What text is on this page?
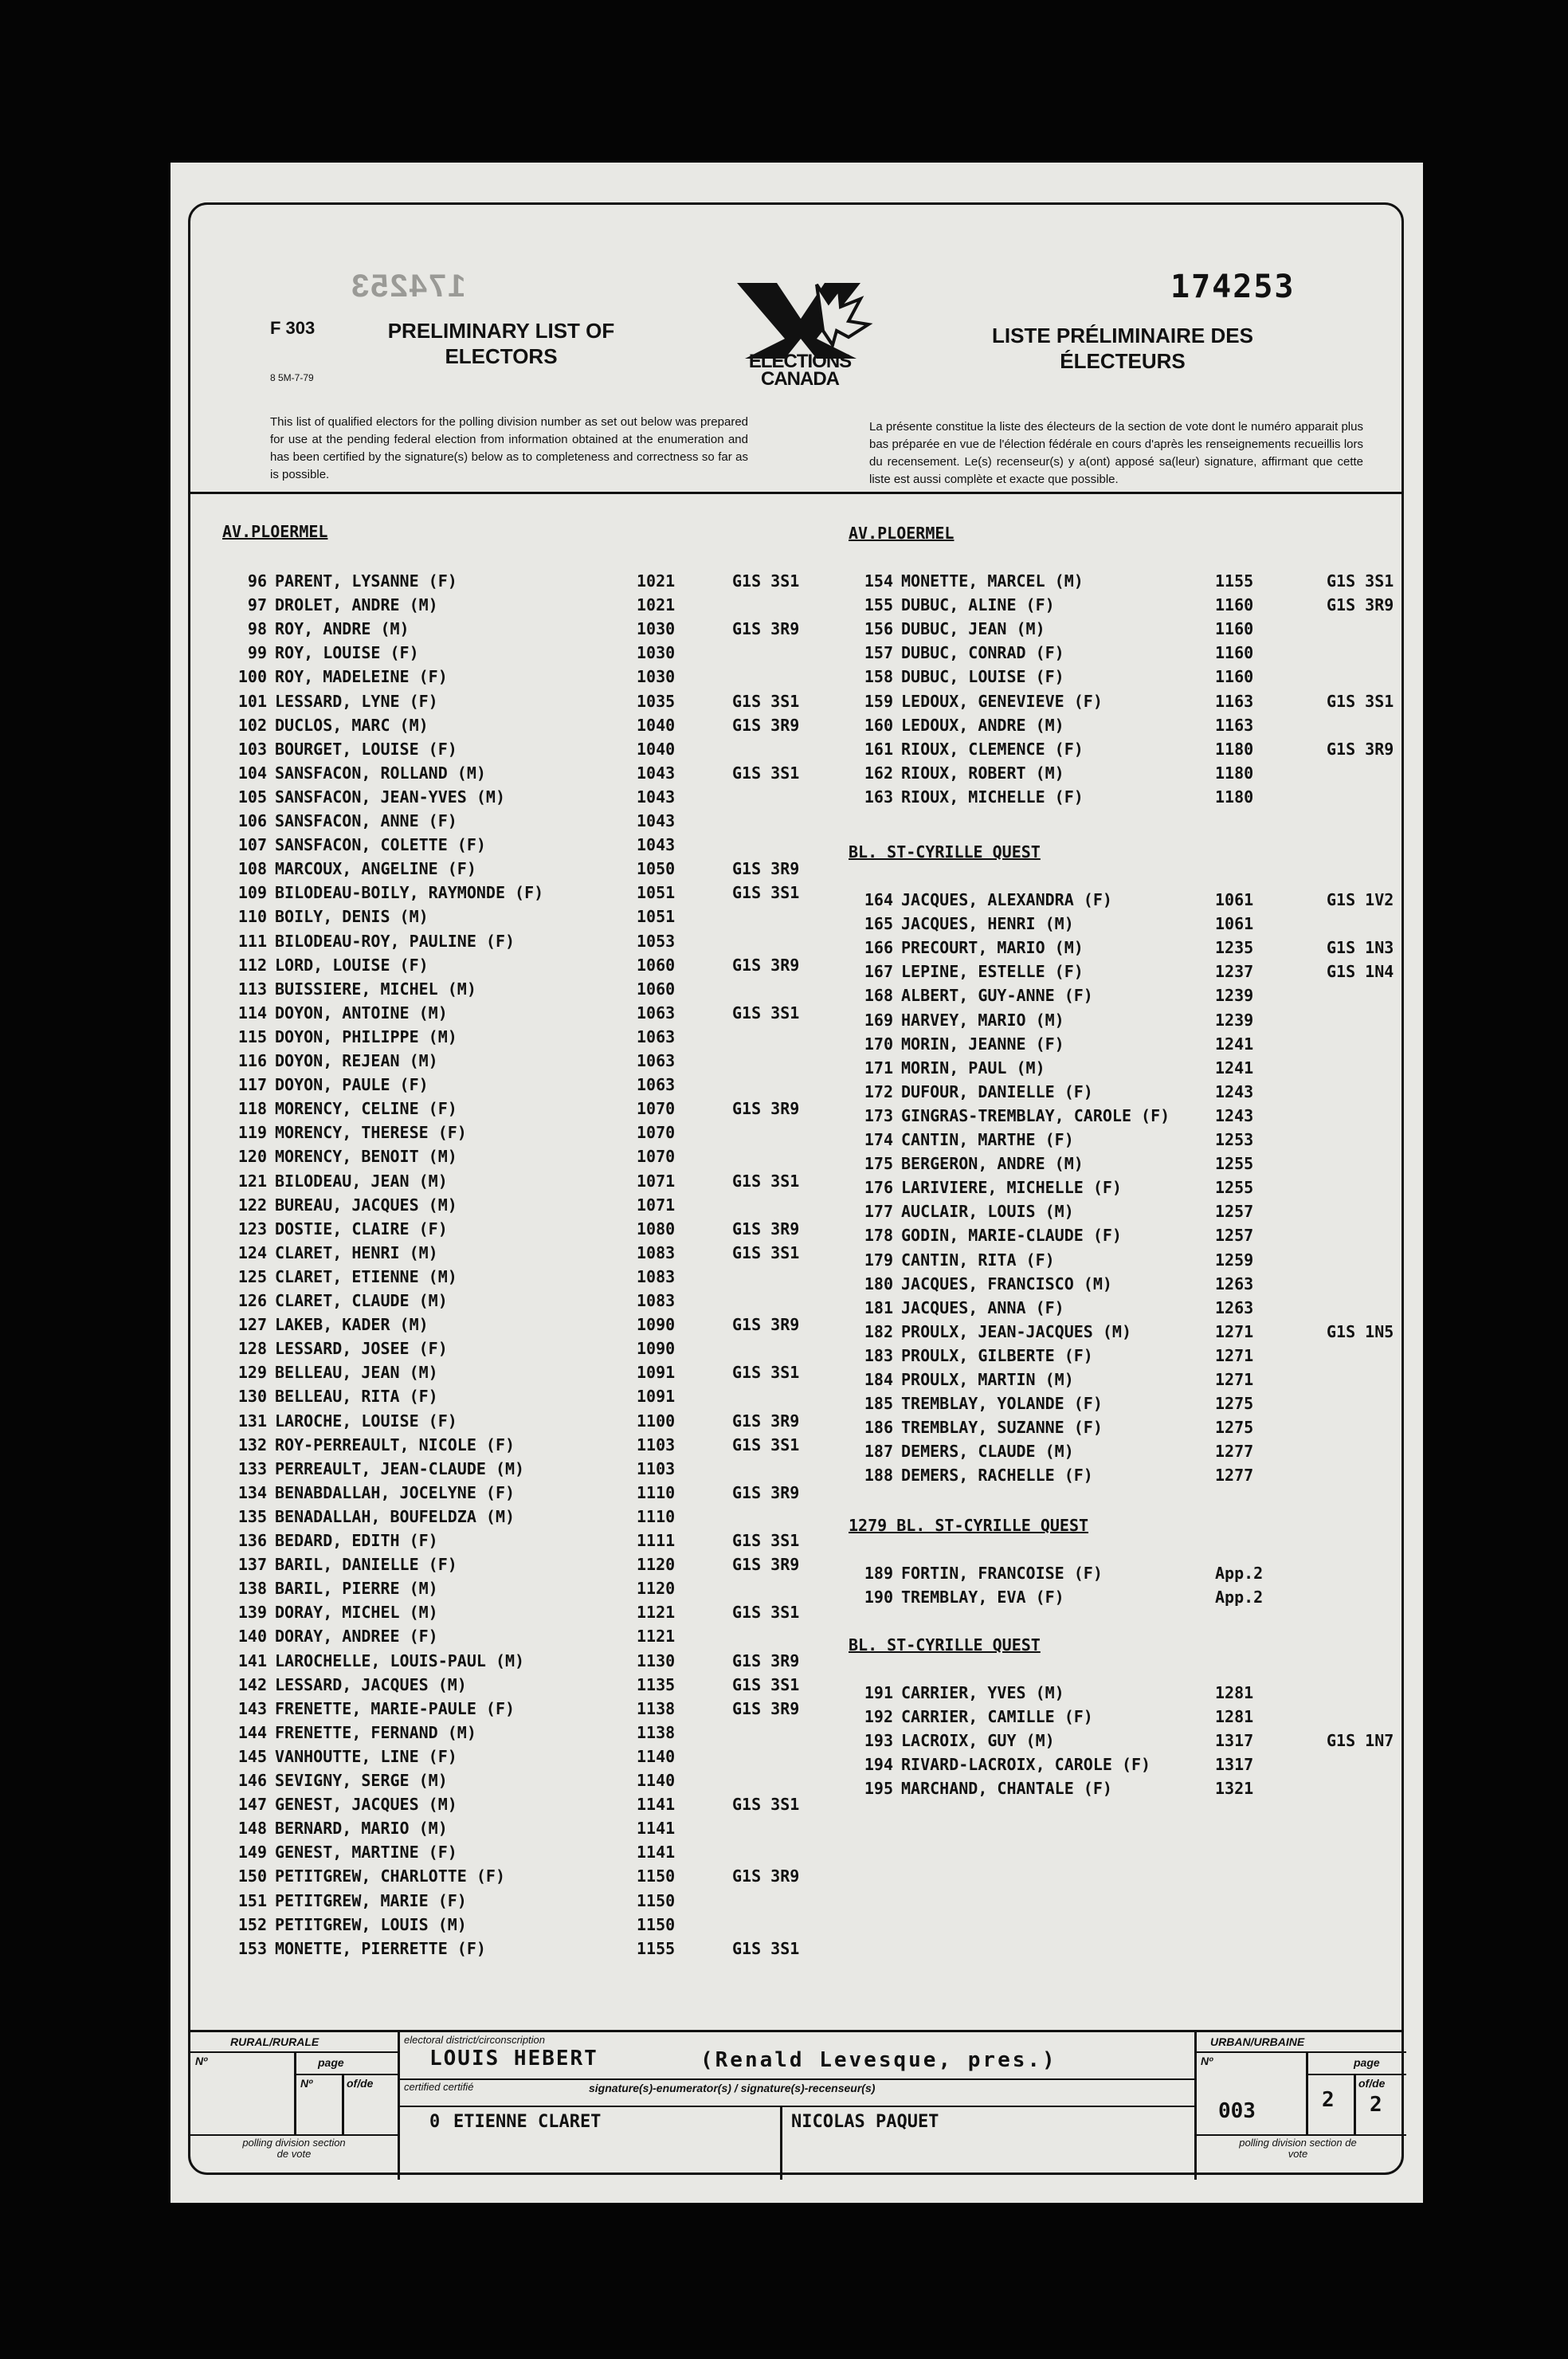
F 303
8 5M-7-79
PRELIMINARY LIST OF ELECTORS
174253	174253
ELECTIONS CANADA
LISTE PRÉLIMINAIRE DES ÉLECTEURS
This list of qualified electors for the polling division number as set out below was prepared for use at the pending federal election from information obtained at the enumeration and has been certified by the signature(s) below as to completeness and correctness so far as is possible.
La présente constitue la liste des électeurs de la section de vote dont le numéro apparait plus bas préparée en vue de l'élection fédérale en cours d'après les renseignements recueillis lors du recensement. Le(s) recenseur(s) y a(ont) apposé sa(leur) signature, affirmant que cette liste est aussi complète et exacte que possible.
AV.PLOERMEL
96 PARENT, LYSANNE (F)	1021	G1S 3S1
97 DROLET, ANDRE (M)	1021
98 ROY, ANDRE (M)	1030	G1S 3R9
99 ROY, LOUISE (F)	1030
100 ROY, MADELEINE (F)	1030
101 LESSARD, LYNE (F)	1035	G1S 3S1
102 DUCLOS, MARC (M)	1040	G1S 3R9
103 BOURGET, LOUISE (F)	1040
104 SANSFACON, ROLLAND (M)	1043	G1S 3S1
105 SANSFACON, JEAN-YVES (M)	1043
106 SANSFACON, ANNE (F)	1043
107 SANSFACON, COLETTE (F)	1043
108 MARCOUX, ANGELINE (F)	1050	G1S 3R9
109 BILODEAU-BOILY, RAYMONDE (F)	1051	G1S 3S1
110 BOILY, DENIS (M)	1051
111 BILODEAU-ROY, PAULINE (F)	1053
112 LORD, LOUISE (F)	1060	G1S 3R9
113 BUISSIERE, MICHEL (M)	1060
114 DOYON, ANTOINE (M)	1063	G1S 3S1
115 DOYON, PHILIPPE (M)	1063
116 DOYON, REJEAN (M)	1063
117 DOYON, PAULE (F)	1063
118 MORENCY, CELINE (F)	1070	G1S 3R9
119 MORENCY, THERESE (F)	1070
120 MORENCY, BENOIT (M)	1070
121 BILODEAU, JEAN (M)	1071	G1S 3S1
122 BUREAU, JACQUES (M)	1071
123 DOSTIE, CLAIRE (F)	1080	G1S 3R9
124 CLARET, HENRI (M)	1083	G1S 3S1
125 CLARET, ETIENNE (M)	1083
126 CLARET, CLAUDE (M)	1083
127 LAKEB, KADER (M)	1090	G1S 3R9
128 LESSARD, JOSEE (F)	1090
129 BELLEAU, JEAN (M)	1091	G1S 3S1
130 BELLEAU, RITA (F)	1091
131 LAROCHE, LOUISE (F)	1100	G1S 3R9
132 ROY-PERREAULT, NICOLE (F)	1103	G1S 3S1
133 PERREAULT, JEAN-CLAUDE (M)	1103
134 BENABDALLAH, JOCELYNE (F)	1110	G1S 3R9
135 BENADALLAH, BOUFELDZA (M)	1110
136 BEDARD, EDITH (F)	1111	G1S 3S1
137 BARIL, DANIELLE (F)	1120	G1S 3R9
138 BARIL, PIERRE (M)	1120
139 DORAY, MICHEL (M)	1121	G1S 3S1
140 DORAY, ANDREE (F)	1121
141 LAROCHELLE, LOUIS-PAUL (M)	1130	G1S 3R9
142 LESSARD, JACQUES (M)	1135	G1S 3S1
143 FRENETTE, MARIE-PAULE (F)	1138	G1S 3R9
144 FRENETTE, FERNAND (M)	1138
145 VANHOUTTE, LINE (F)	1140
146 SEVIGNY, SERGE (M)	1140
147 GENEST, JACQUES (M)	1141	G1S 3S1
148 BERNARD, MARIO (M)	1141
149 GENEST, MARTINE (F)	1141
150 PETITGREW, CHARLOTTE (F)	1150	G1S 3R9
151 PETITGREW, MARIE (F)	1150
152 PETITGREW, LOUIS (M)	1150
153 MONETTE, PIERRETTE (F)	1155	G1S 3S1
AV.PLOERMEL
154 MONETTE, MARCEL (M)	1155	G1S 3S1
155 DUBUC, ALINE (F)	1160	G1S 3R9
156 DUBUC, JEAN (M)	1160
157 DUBUC, CONRAD (F)	1160
158 DUBUC, LOUISE (F)	1160
159 LEDOUX, GENEVIEVE (F)	1163	G1S 3S1
160 LEDOUX, ANDRE (M)	1163
161 RIOUX, CLEMENCE (F)	1180	G1S 3R9
162 RIOUX, ROBERT (M)	1180
163 RIOUX, MICHELLE (F)	1180
BL. ST-CYRILLE QUEST
164 JACQUES, ALEXANDRA (F)	1061	G1S 1V2
165 JACQUES, HENRI (M)	1061
166 PRECOURT, MARIO (M)	1235	G1S 1N3
167 LEPINE, ESTELLE (F)	1237	G1S 1N4
168 ALBERT, GUY-ANNE (F)	1239
169 HARVEY, MARIO (M)	1239
170 MORIN, JEANNE (F)	1241
171 MORIN, PAUL (M)	1241
172 DUFOUR, DANIELLE (F)	1243
173 GINGRAS-TREMBLAY, CAROLE (F)	1243
174 CANTIN, MARTHE (F)	1253
175 BERGERON, ANDRE (M)	1255
176 LARIVIERE, MICHELLE (F)	1255
177 AUCLAIR, LOUIS (M)	1257
178 GODIN, MARIE-CLAUDE (F)	1257
179 CANTIN, RITA (F)	1259
180 JACQUES, FRANCISCO (M)	1263
181 JACQUES, ANNA (F)	1263
182 PROULX, JEAN-JACQUES (M)	1271	G1S 1N5
183 PROULX, GILBERTE (F)	1271
184 PROULX, MARTIN (M)	1271
185 TREMBLAY, YOLANDE (F)	1275
186 TREMBLAY, SUZANNE (F)	1275
187 DEMERS, CLAUDE (M)	1277
188 DEMERS, RACHELLE (F)	1277
1279 BL. ST-CYRILLE QUEST
189 FORTIN, FRANCOISE (F)	App.2
190 TREMBLAY, EVA (F)	App.2
BL. ST-CYRILLE QUEST
191 CARRIER, YVES (M)	1281
192 CARRIER, CAMILLE (F)	1281
193 LACROIX, GUY (M)	1317	G1S 1N7
194 RIVARD-LACROIX, CAROLE (F)	1317
195 MARCHAND, CHANTALE (F)	1321
RURAL/RURALE
Nº	page
Nº	of/de
polling division section de vote
electoral district/circonscription
LOUIS HEBERT	(Renald Levesque, pres.)
certified certifié	signature(s)-enumerator(s) / signature(s)-recenseur(s)
0 ETIENNE CLARET	NICOLAS PAQUET
URBAN/URBAINE
Nº	page
003	2
of/de
2
polling division section de vote
